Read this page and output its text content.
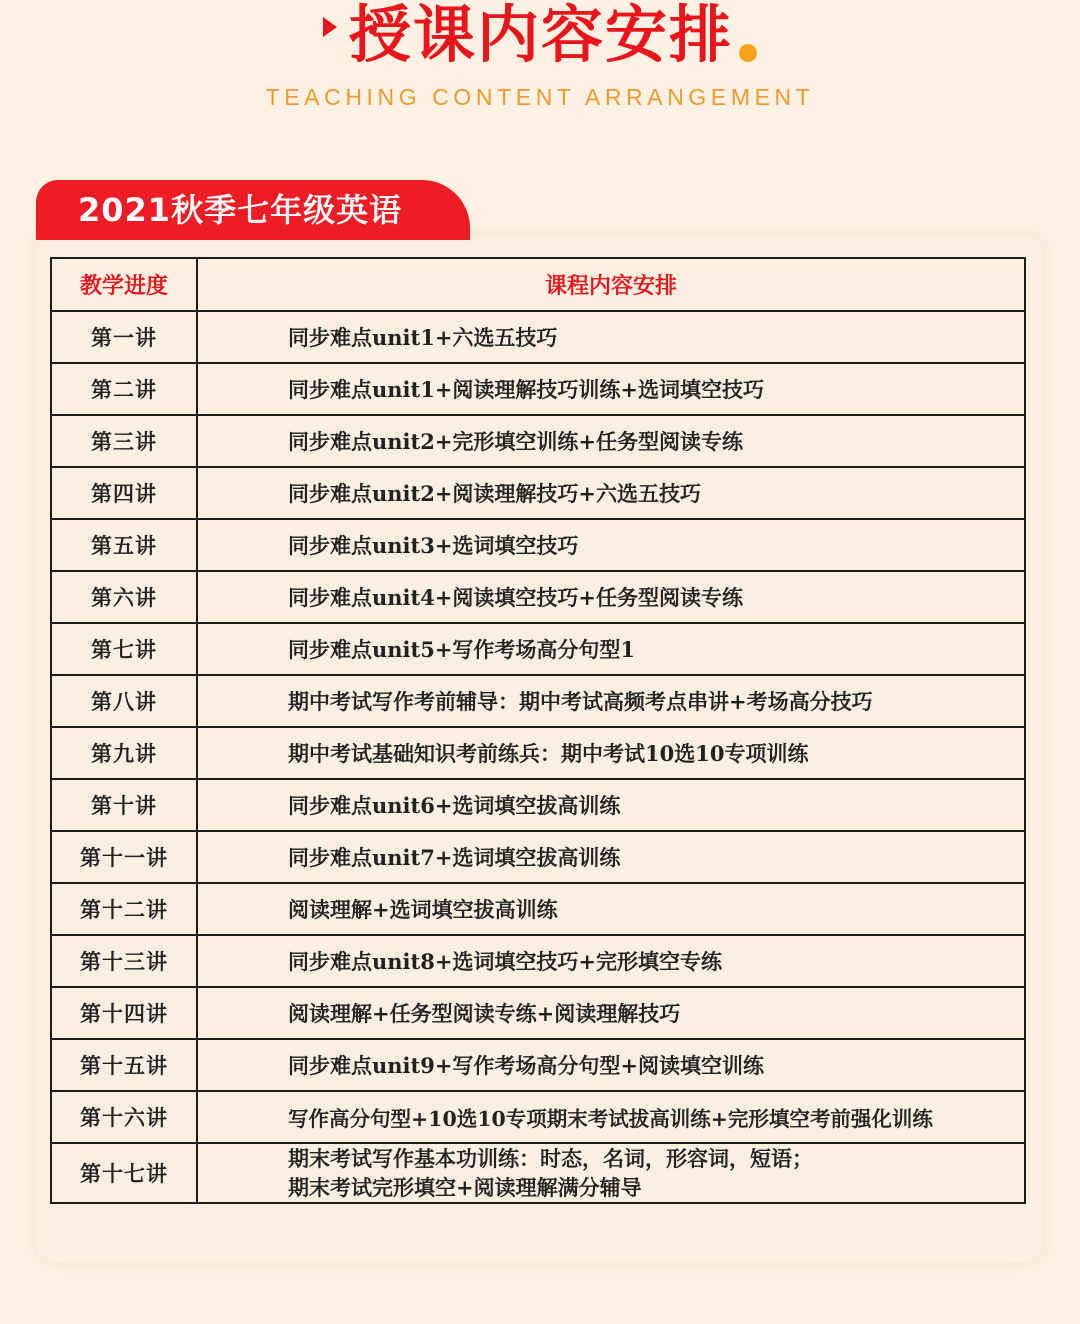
授课内容安排
TEACHING CONTENT ARRANGEMENT
2021秋季七年级英语
教学进度	课程内容安排
第一讲	同步难点unit1+六选五技巧
第二讲	同步难点unit1+阅读理解技巧训练+选词填空技巧
第三讲	同步难点unit2+完形填空训练+任务型阅读专练
第四讲	同步难点unit2+阅读理解技巧+六选五技巧
第五讲	同步难点unit3+选词填空技巧
第六讲	同步难点unit4+阅读填空技巧+任务型阅读专练
第七讲	同步难点unit5+写作考场高分句型1
第八讲	期中考试写作考前辅导：期中考试高频考点串讲+考场高分技巧
第九讲	期中考试基础知识考前练兵：期中考试10选10专项训练
第十讲	同步难点unit6+选词填空拔高训练
第十一讲	同步难点unit7+选词填空拔高训练
第十二讲	阅读理解+选词填空拔高训练
第十三讲	同步难点unit8+选词填空技巧+完形填空专练
第十四讲	阅读理解+任务型阅读专练+阅读理解技巧
第十五讲	同步难点unit9+写作考场高分句型+阅读填空训练
第十六讲	写作高分句型+10选10专项期末考试拔高训练+完形填空考前强化训练
第十七讲	期末考试写作基本功训练：时态，名词，形容词，短语；
期末考试完形填空+阅读理解满分辅导
